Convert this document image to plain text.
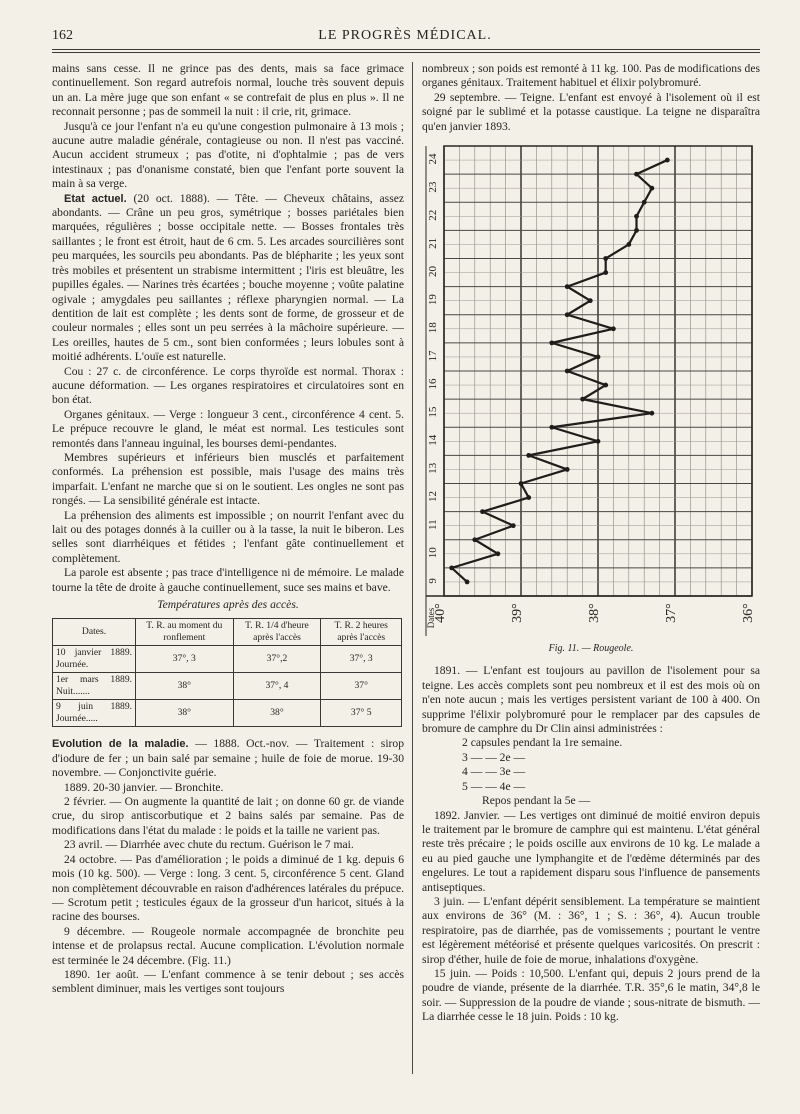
162	LE PROGRÈS MÉDICAL.

mains sans cesse. Il ne grince pas des dents, mais sa face grimace continuellement. Son regard autrefois normal, louche très souvent depuis un an. La mère juge que son enfant « se contrefait de plus en plus ». Il ne reconnait personne ; pas de sommeil la nuit : il crie, rit, grimace.

Jusqu'à ce jour l'enfant n'a eu qu'une congestion pulmonaire à 13 mois ; aucune autre maladie générale, contagieuse ou non. Il n'est pas vacciné. Aucun accident strumeux ; pas d'otite, ni d'ophtalmie ; pas de vers intestinaux ; pas d'onanisme constaté, bien que l'enfant porte souvent la main à sa verge.

Etat actuel. (20 oct. 1888). — Tête. — Cheveux châtains, assez abondants. — Crâne un peu gros, symétrique ; bosses pariétales bien marquées, régulières ; bosse occipitale nette. — Bosses frontales très saillantes ; le front est étroit, haut de 6 cm. 5. Les arcades sourcilières sont peu marquées, les sourcils peu abondants. Pas de blépharite ; les yeux sont très mobiles et présentent un strabisme intermittent ; l'iris est bleuâtre, les pupilles égales. — Narines très écartées ; bouche moyenne ; voûte palatine ogivale ; amygdales peu saillantes ; réflexe pharyngien normal. — La dentition de lait est complète ; les dents sont de forme, de grosseur et de couleur normales ; elles sont un peu serrées à la mâchoire supérieure. — Les oreilles, hautes de 5 cm., sont bien conformées ; leurs lobules sont à moitié adhérents. L'ouïe est naturelle.

Cou : 27 c. de circonférence. Le corps thyroïde est normal. Thorax : aucune déformation. — Les organes respiratoires et circulatoires sont en bon état.

Organes génitaux. — Verge : longueur 3 cent., circonférence 4 cent. 5. Le prépuce recouvre le gland, le méat est normal. Les testicules sont remontés dans l'anneau inguinal, les bourses demi-pendantes.

Membres supérieurs et inférieurs bien musclés et parfaitement conformés. La préhension est possible, mais l'usage des mains très imparfait. L'enfant ne marche que si on le soutient. Les ongles ne sont pas rongés. — La sensibilité générale est intacte.

La préhension des aliments est impossible ; on nourrit l'enfant avec du lait ou des potages donnés à la cuiller ou à la tasse, la nuit le biberon. Les selles sont diarrhéiques et fétides ; l'enfant gâte continuellement et complètement.

La parole est absente ; pas trace d'intelligence ni de mémoire. Le malade tourne la tête de droite à gauche continuellement, suce ses mains et bave.

Températures après des accès.

Dates.	T. R. au moment du ronflement	T. R. 1/4 d'heure après l'accès	T. R. 2 heures après l'accès
10 janvier 1889. Journée.	37°, 3	37°,2	37°, 3
1er mars 1889. Nuit.......	38°	37°, 4	37°
9 juin 1889. Journée.....	38°	38°	37° 5

Evolution de la maladie. — 1888. Oct.-nov. — Traitement : sirop d'iodure de fer ; un bain salé par semaine ; huile de foie de morue. 19-30 novembre. — Conjonctivite guérie.

1889. 20-30 janvier. — Bronchite.

2 février. — On augmente la quantité de lait ; on donne 60 gr. de viande crue, du sirop antiscorbutique et 2 bains salés par semaine. Pas de modifications dans l'état du malade : le poids et la taille ne varient pas.

23 avril. — Diarrhée avec chute du rectum. Guérison le 7 mai.

24 octobre. — Pas d'amélioration ; le poids a diminué de 1 kg. depuis 6 mois (10 kg. 500). — Verge : long. 3 cent. 5, circonférence 5 cent. Gland non complètement découvrable en raison d'adhérences latérales du prépuce. — Scrotum petit ; testicules égaux de la grosseur d'un haricot, situés à la racine des bourses.

9 décembre. — Rougeole normale accompagnée de bronchite peu intense et de prolapsus rectal. Aucune complication. L'évolution normale est terminée le 24 décembre. (Fig. 11.)

1890. 1er août. — L'enfant commence à se tenir debout ; ses accès semblent diminuer, mais les vertiges sont toujours

nombreux ; son poids est remonté à 11 kg. 100. Pas de modifications des organes génitaux. Traitement habituel et élixir polybromuré.

29 septembre. — Teigne. L'enfant est envoyé à l'isolement où il est soigné par le sublimé et la potasse caustique. La teigne ne disparaîtra qu'en janvier 1893.

9
10
11
12
13
14
15
16
17
18
19
20
21
22
23
24
40°	39°	38°	37°	36°
Dates

Fig. 11. — Rougeole.

1891. — L'enfant est toujours au pavillon de l'isolement pour sa teigne. Les accès complets sont peu nombreux et il est des mois où on n'en note aucun ; mais les vertiges persistent variant de 100 à 400. On supprime l'élixir polybromuré pour le remplacer par des capsules de bromure de camphre du Dr Clin ainsi administrées :

2 capsules pendant la 1re semaine.

3 — — 2e —

4 — — 3e —

5 — — 4e —

Repos pendant la 5e —

1892. Janvier. — Les vertiges ont diminué de moitié environ depuis le traitement par le bromure de camphre qui est maintenu. L'état général reste très précaire ; le poids oscille aux environs de 10 kg. Le malade a eu au pied gauche une lymphangite et de l'œdème déterminés par des engelures. Le tout a rapidement disparu sous l'influence de pansements antiseptiques.

3 juin. — L'enfant dépérit sensiblement. La température se maintient aux environs de 36° (M. : 36°, 1 ; S. : 36°, 4). Aucun trouble respiratoire, pas de diarrhée, pas de vomissements ; pourtant le ventre est légèrement météorisé et présente quelques varicosités. On prescrit : sirop d'éther, huile de foie de morue, inhalations d'oxygène.

15 juin. — Poids : 10,500. L'enfant qui, depuis 2 jours prend de la poudre de viande, présente de la diarrhée. T.R. 35°,6 le matin, 34°,8 le soir. — Suppression de la poudre de viande ; sous-nitrate de bismuth. — La diarrhée cesse le 18 juin. Poids : 10 kg.
